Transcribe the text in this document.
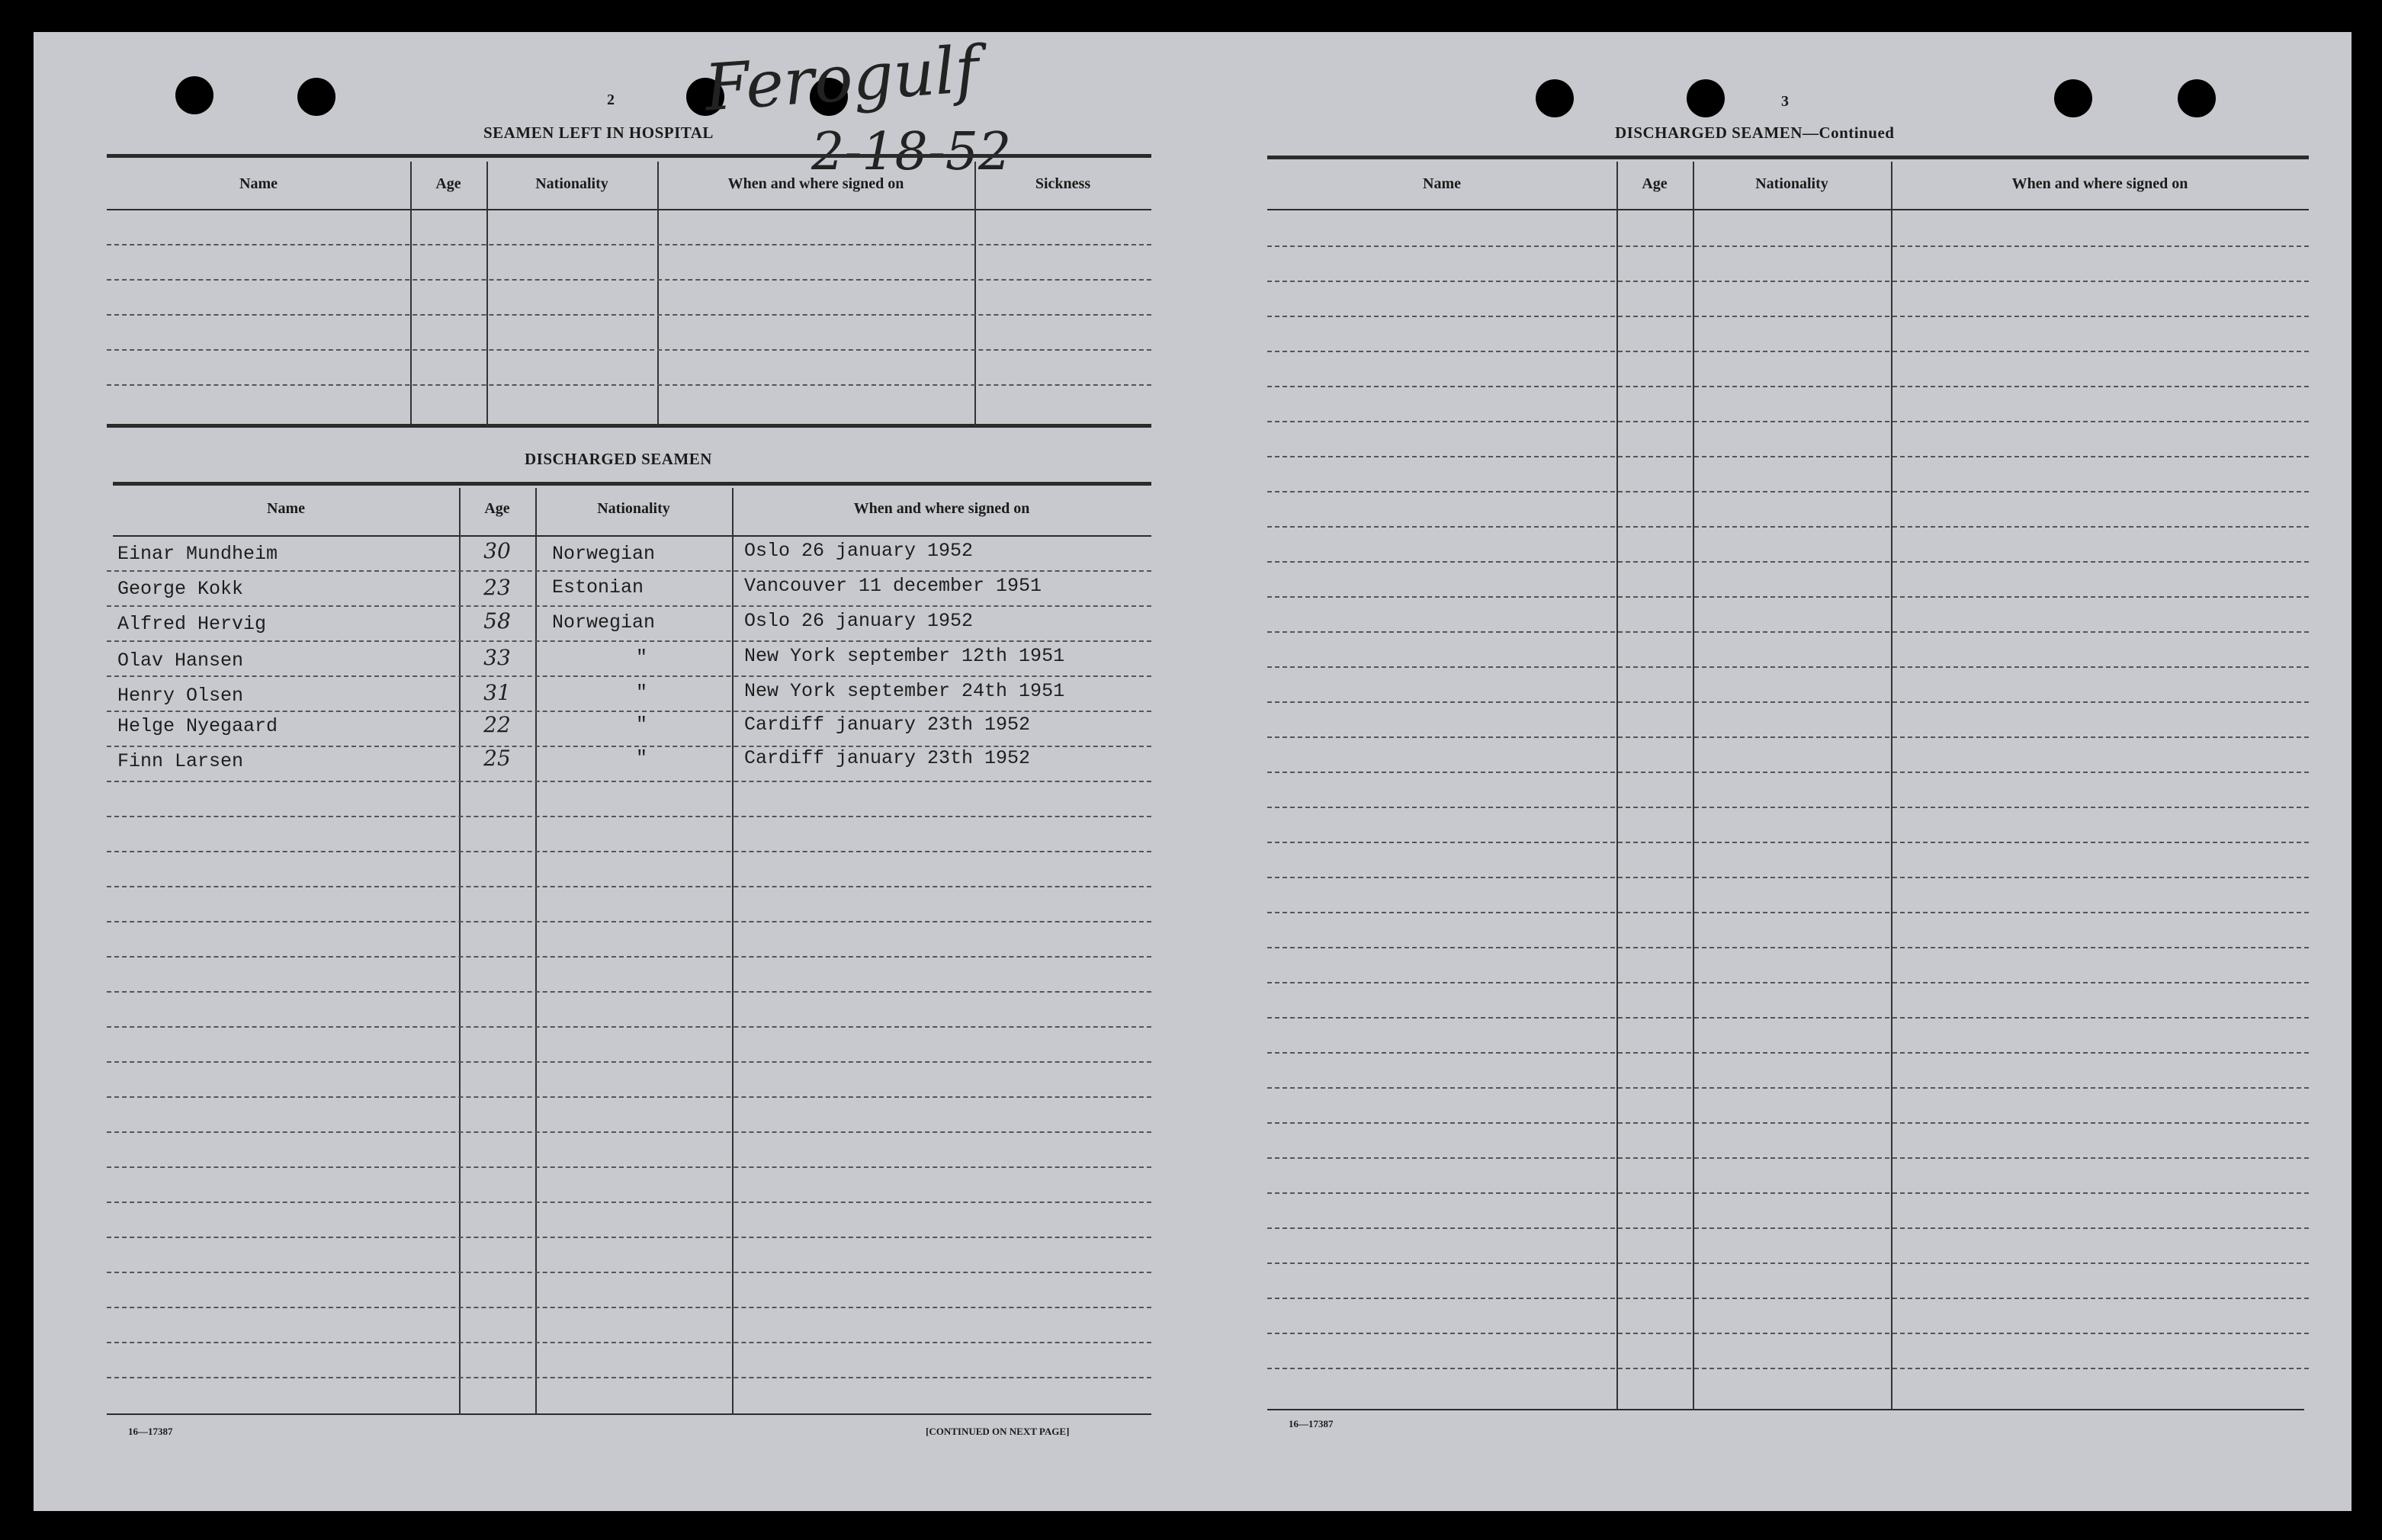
2
SEAMEN LEFT IN HOSPITAL
Ferogulf
2-18-52
Name	Age	Nationality	When and where signed on	Sickness
DISCHARGED SEAMEN
Name	Age	Nationality	When and where signed on
Einar Mundheim	30	Norwegian	Oslo 26 january 1952
George Kokk	23	Estonian	Vancouver 11 december 1951
Alfred Hervig	58	Norwegian	Oslo 26 january 1952
Olav Hansen	33	"	New York september 12th 1951
Henry Olsen	31	"	New York september 24th 1951
Helge Nyegaard	22	"	Cardiff january 23th 1952
Finn Larsen	25	"	Cardiff january 23th 1952
16—17387	[CONTINUED ON NEXT PAGE]
3
DISCHARGED SEAMEN—Continued
Name	Age	Nationality	When and where signed on
16—17387
